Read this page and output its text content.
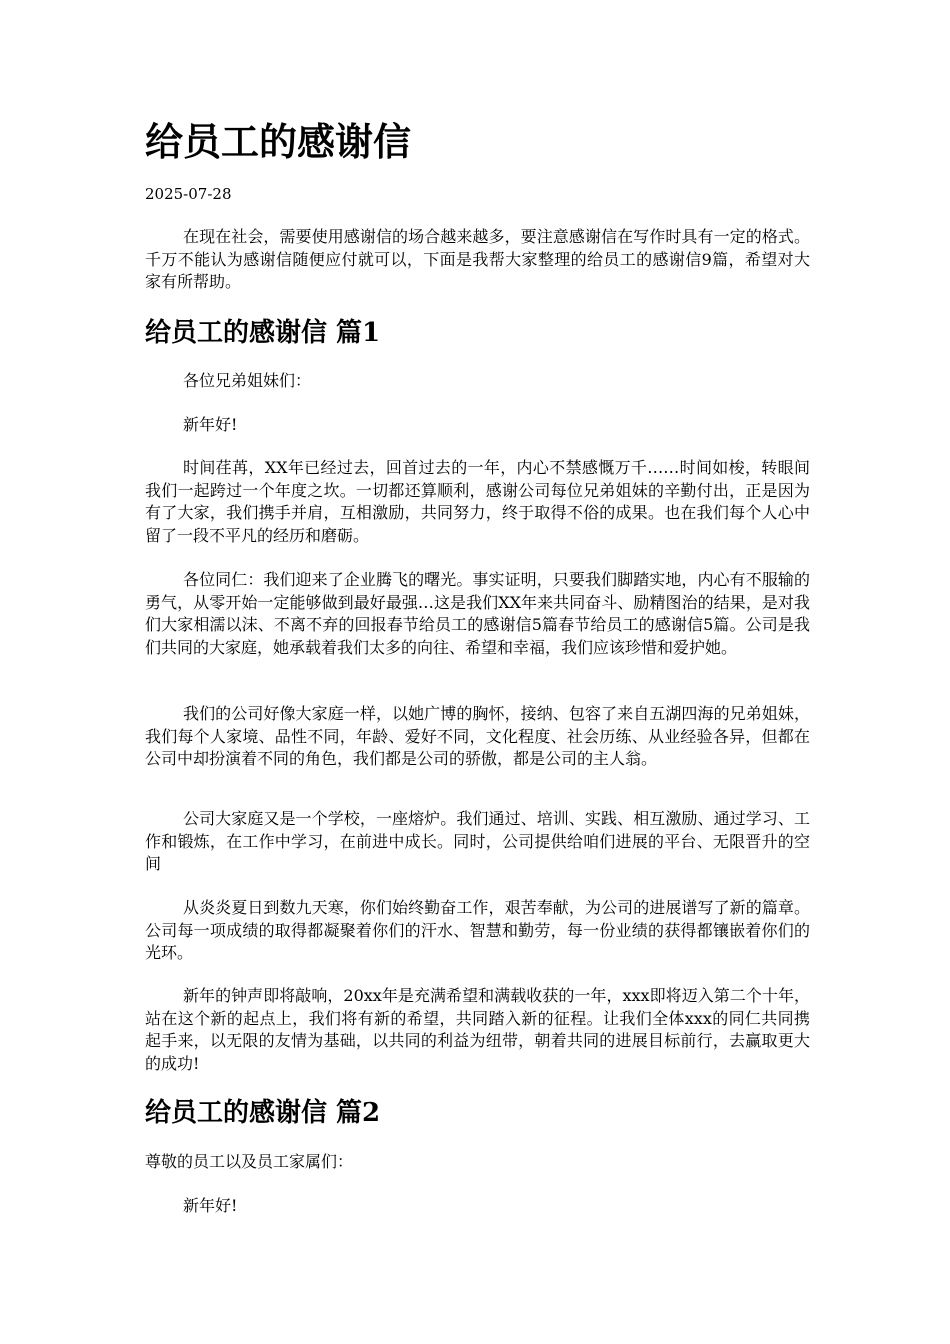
给员工的感谢信
2025-07-28

在现在社会，需要使用感谢信的场合越来越多，要注意感谢信在写作时具有一定的格式。千万不能认为感谢信随便应付就可以，下面是我帮大家整理的给员工的感谢信9篇，希望对大家有所帮助。

给员工的感谢信 篇1

各位兄弟姐妹们：

新年好!

时间荏苒，XX年已经过去，回首过去的一年，内心不禁感慨万千……时间如梭，转眼间我们一起跨过一个年度之坎。一切都还算顺利，感谢公司每位兄弟姐妹的辛勤付出，正是因为有了大家，我们携手并肩，互相激励，共同努力，终于取得不俗的成果。也在我们每个人心中留了一段不平凡的经历和磨砺。

各位同仁：我们迎来了企业腾飞的曙光。事实证明，只要我们脚踏实地，内心有不服输的勇气，从零开始一定能够做到最好最强…这是我们XX年来共同奋斗、励精图治的结果，是对我们大家相濡以沫、不离不弃的回报春节给员工的感谢信5篇春节给员工的感谢信5篇。公司是我们共同的大家庭，她承载着我们太多的向往、希望和幸福，我们应该珍惜和爱护她。

我们的公司好像大家庭一样，以她广博的胸怀，接纳、包容了来自五湖四海的兄弟姐妹，我们每个人家境、品性不同，年龄、爱好不同，文化程度、社会历练、从业经验各异，但都在公司中却扮演着不同的角色，我们都是公司的骄傲，都是公司的主人翁。

公司大家庭又是一个学校，一座熔炉。我们通过、培训、实践、相互激励、通过学习、工作和锻炼，在工作中学习，在前进中成长。同时，公司提供给咱们进展的平台、无限晋升的空间

从炎炎夏日到数九天寒，你们始终勤奋工作，艰苦奉献，为公司的进展谱写了新的篇章。公司每一项成绩的取得都凝聚着你们的汗水、智慧和勤劳，每一份业绩的获得都镶嵌着你们的光环。

新年的钟声即将敲响，20xx年是充满希望和满载收获的一年，xxx即将迈入第二个十年，站在这个新的起点上，我们将有新的希望，共同踏入新的征程。让我们全体xxx的同仁共同携起手来，以无限的友情为基础，以共同的利益为纽带，朝着共同的进展目标前行，去赢取更大的成功!

给员工的感谢信 篇2

尊敬的员工以及员工家属们：

新年好!
